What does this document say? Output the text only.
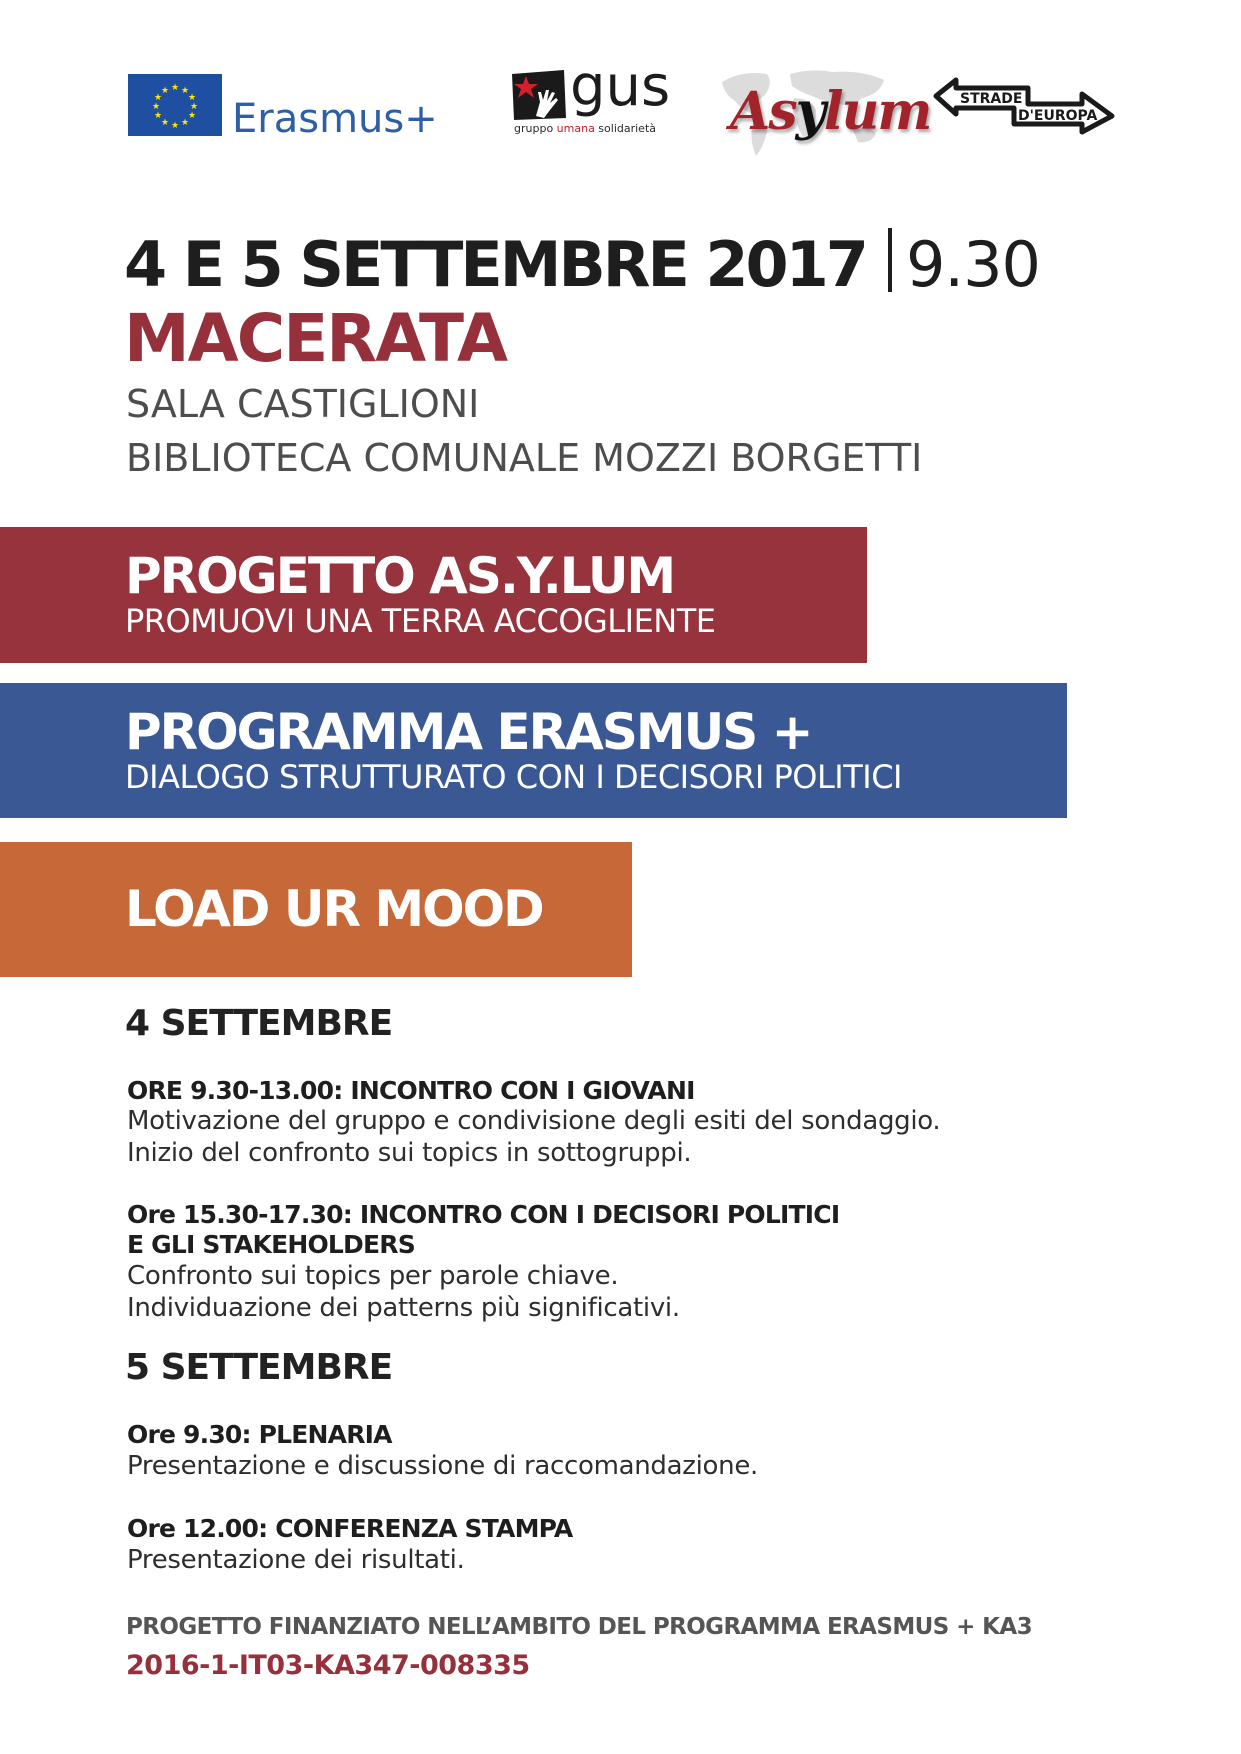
★ ★
★
★
★
★
★
★
★
★
★
★
Erasmus+ gus
gruppo umana solidarietà Asylum STRADE
D'EUROPA
4 E 5 SETTEMBRE 2017 9.30
MACERATA
SALA CASTIGLIONI
BIBLIOTECA COMUNALE MOZZI BORGETTI
PROGETTO AS.Y.LUM
PROMUOVI UNA TERRA ACCOGLIENTE
PROGRAMMA ERASMUS +
DIALOGO STRUTTURATO CON I DECISORI POLITICI
LOAD UR MOOD
4 SETTEMBRE
ORE 9.30-13.00: INCONTRO CON I GIOVANI
Motivazione del gruppo e condivisione degli esiti del sondaggio.
Inizio del confronto sui topics in sottogruppi.
Ore 15.30-17.30: INCONTRO CON I DECISORI POLITICI
E GLI STAKEHOLDERS
Confronto sui topics per parole chiave.
Individuazione dei patterns più significativi.
5 SETTEMBRE
Ore 9.30: PLENARIA
Presentazione e discussione di raccomandazione.
Ore 12.00: CONFERENZA STAMPA
Presentazione dei risultati.
PROGETTO FINANZIATO NELL’AMBITO DEL PROGRAMMA ERASMUS + KA3
2016-1-IT03-KA347-008335
